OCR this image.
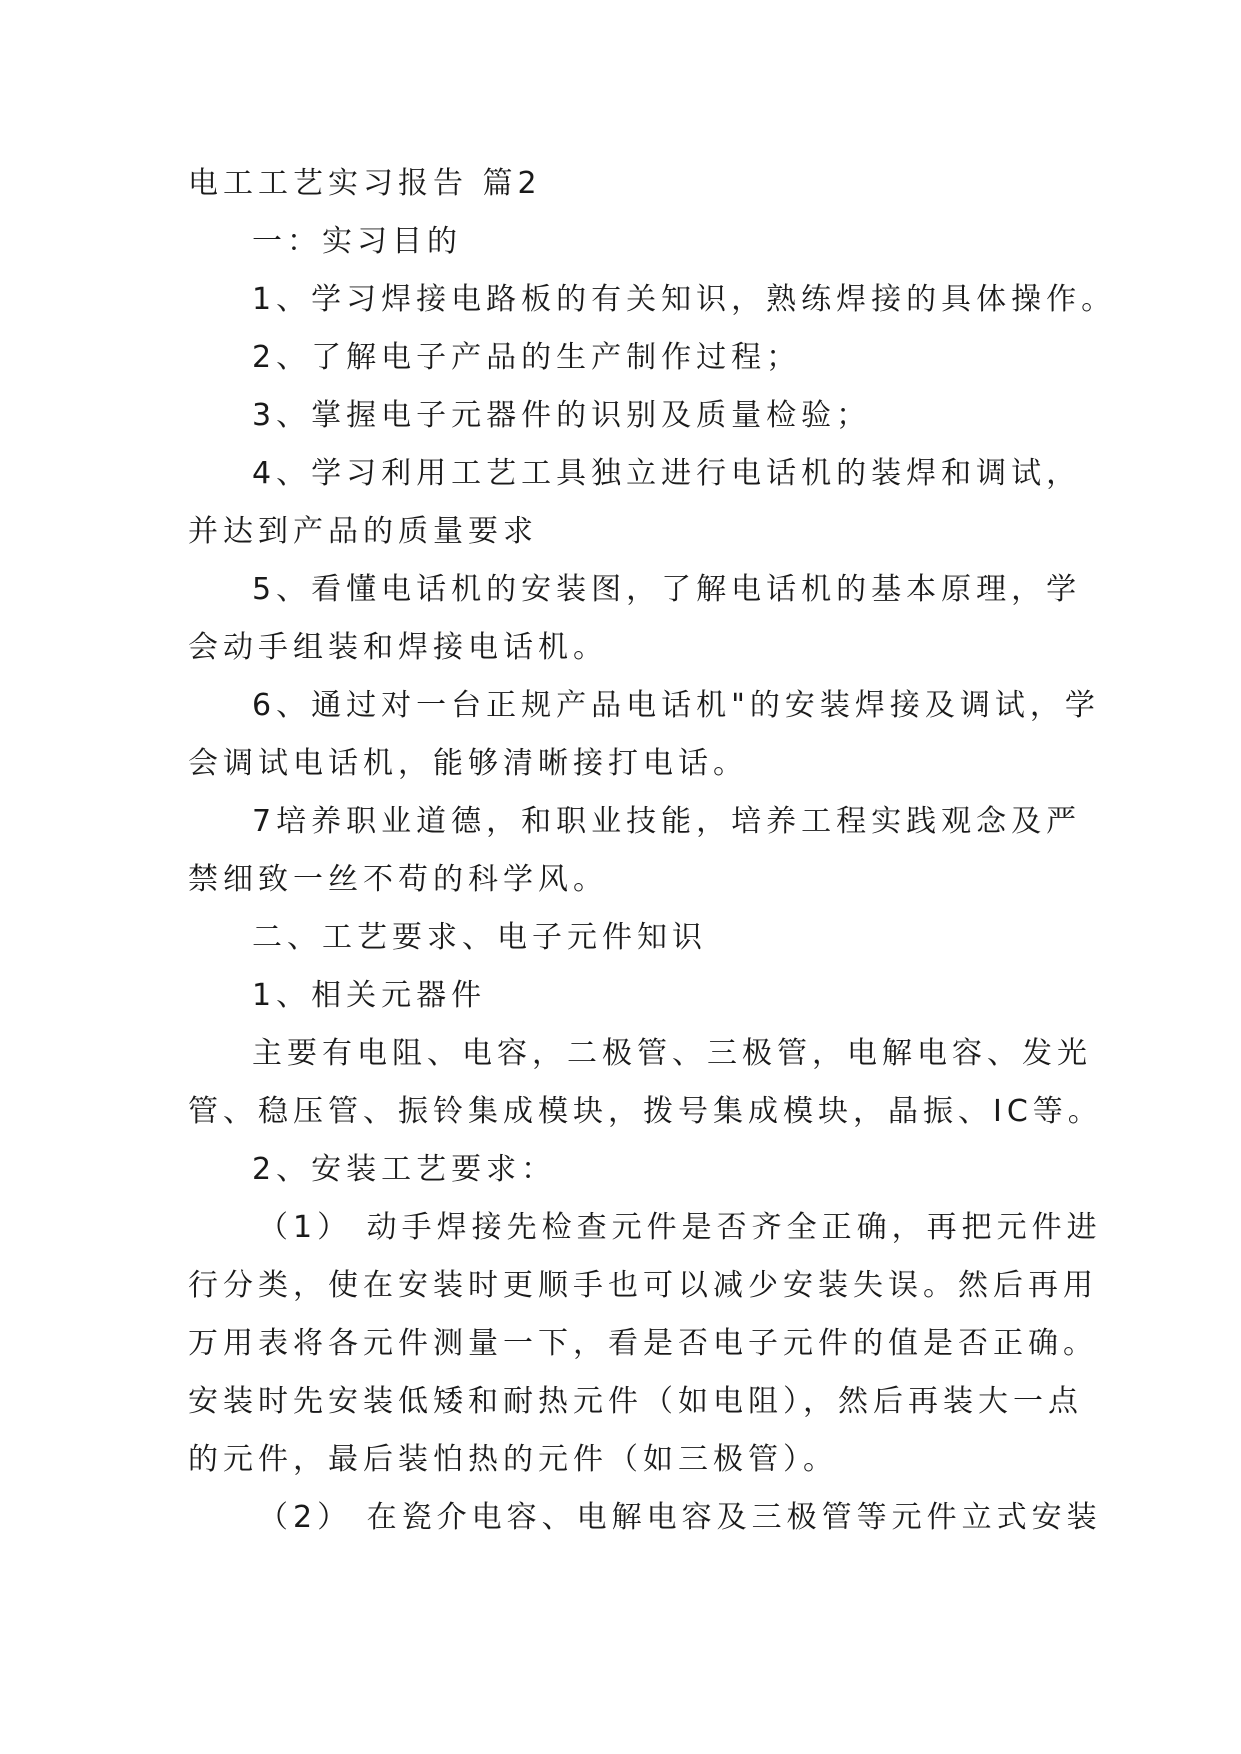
电工工艺实习报告 篇2
一：实习目的
1、学习焊接电路板的有关知识，熟练焊接的具体操作。
2、了解电子产品的生产制作过程；
3、掌握电子元器件的识别及质量检验；
4、学习利用工艺工具独立进行电话机的装焊和调试，
并达到产品的质量要求
5、看懂电话机的安装图，了解电话机的基本原理，学
会动手组装和焊接电话机。
6、通过对一台正规产品电话机"的安装焊接及调试，学
会调试电话机，能够清晰接打电话。
7培养职业道德，和职业技能，培养工程实践观念及严
禁细致一丝不苟的科学风。
二、工艺要求、电子元件知识
1、相关元器件
主要有电阻、电容，二极管、三极管，电解电容、发光
管、稳压管、振铃集成模块，拨号集成模块，晶振、IC等。
2、安装工艺要求：
（1） 动手焊接先检查元件是否齐全正确，再把元件进
行分类，使在安装时更顺手也可以减少安装失误。然后再用
万用表将各元件测量一下，看是否电子元件的值是否正确。
安装时先安装低矮和耐热元件（如电阻），然后再装大一点
的元件，最后装怕热的元件（如三极管）。
（2） 在瓷介电容、电解电容及三极管等元件立式安装
